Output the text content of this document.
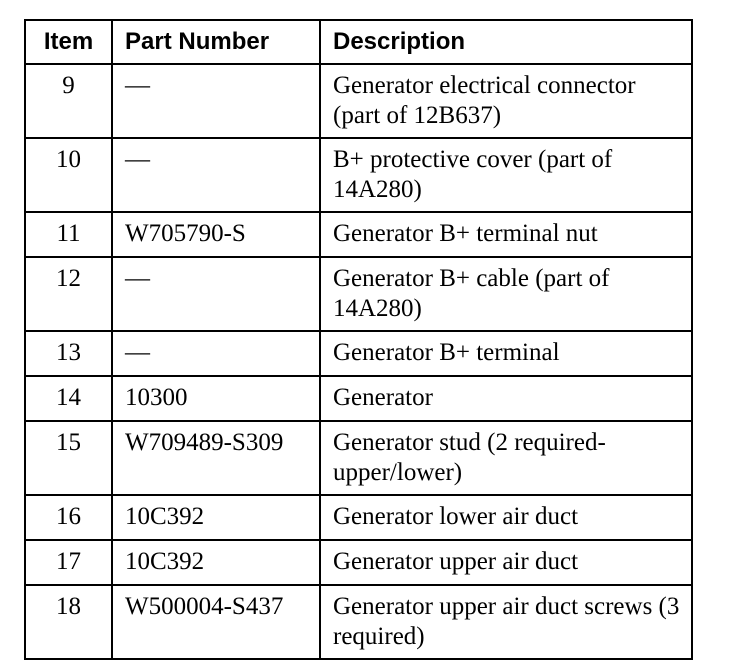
Item	Part Number	Description
9	—	Generator electrical connector (part of 12B637)
10	—	B+ protective cover (part of 14A280)
11	W705790-S	Generator B+ terminal nut
12	—	Generator B+ cable (part of 14A280)
13	—	Generator B+ terminal
14	10300	Generator
15	W709489-S309	Generator stud (2 required-upper/lower)
16	10C392	Generator lower air duct
17	10C392	Generator upper air duct
18	W500004-S437	Generator upper air duct screws (3 required)
